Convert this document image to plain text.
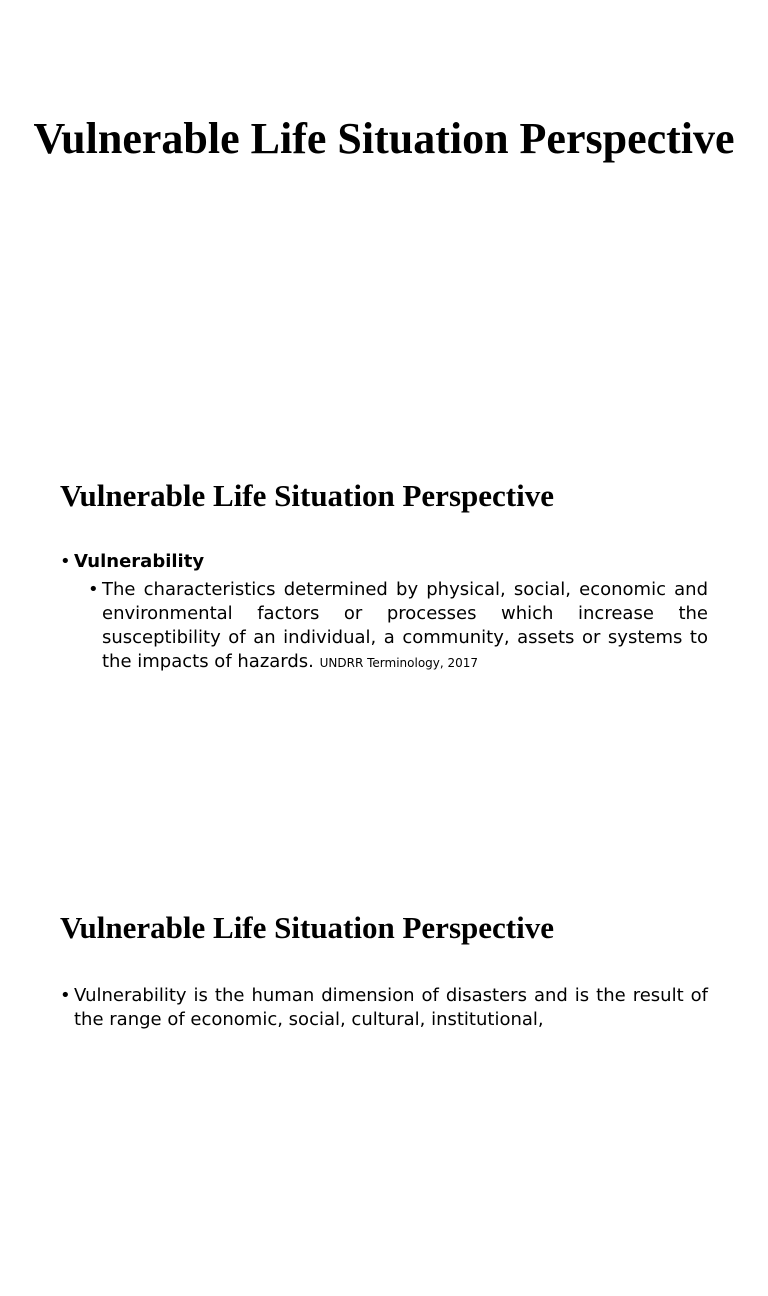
Vulnerable Life Situation Perspective
Vulnerable Life Situation Perspective

• Vulnerability

• The characteristics determined by physical, social, economic and environmental factors or processes which increase the susceptibility of an individual, a community, assets or systems to the impacts of hazards. UNDRR Terminology, 2017
Vulnerable Life Situation Perspective
• Vulnerability is the human dimension of disasters and is the result of the range of economic, social, cultural, institutional,
